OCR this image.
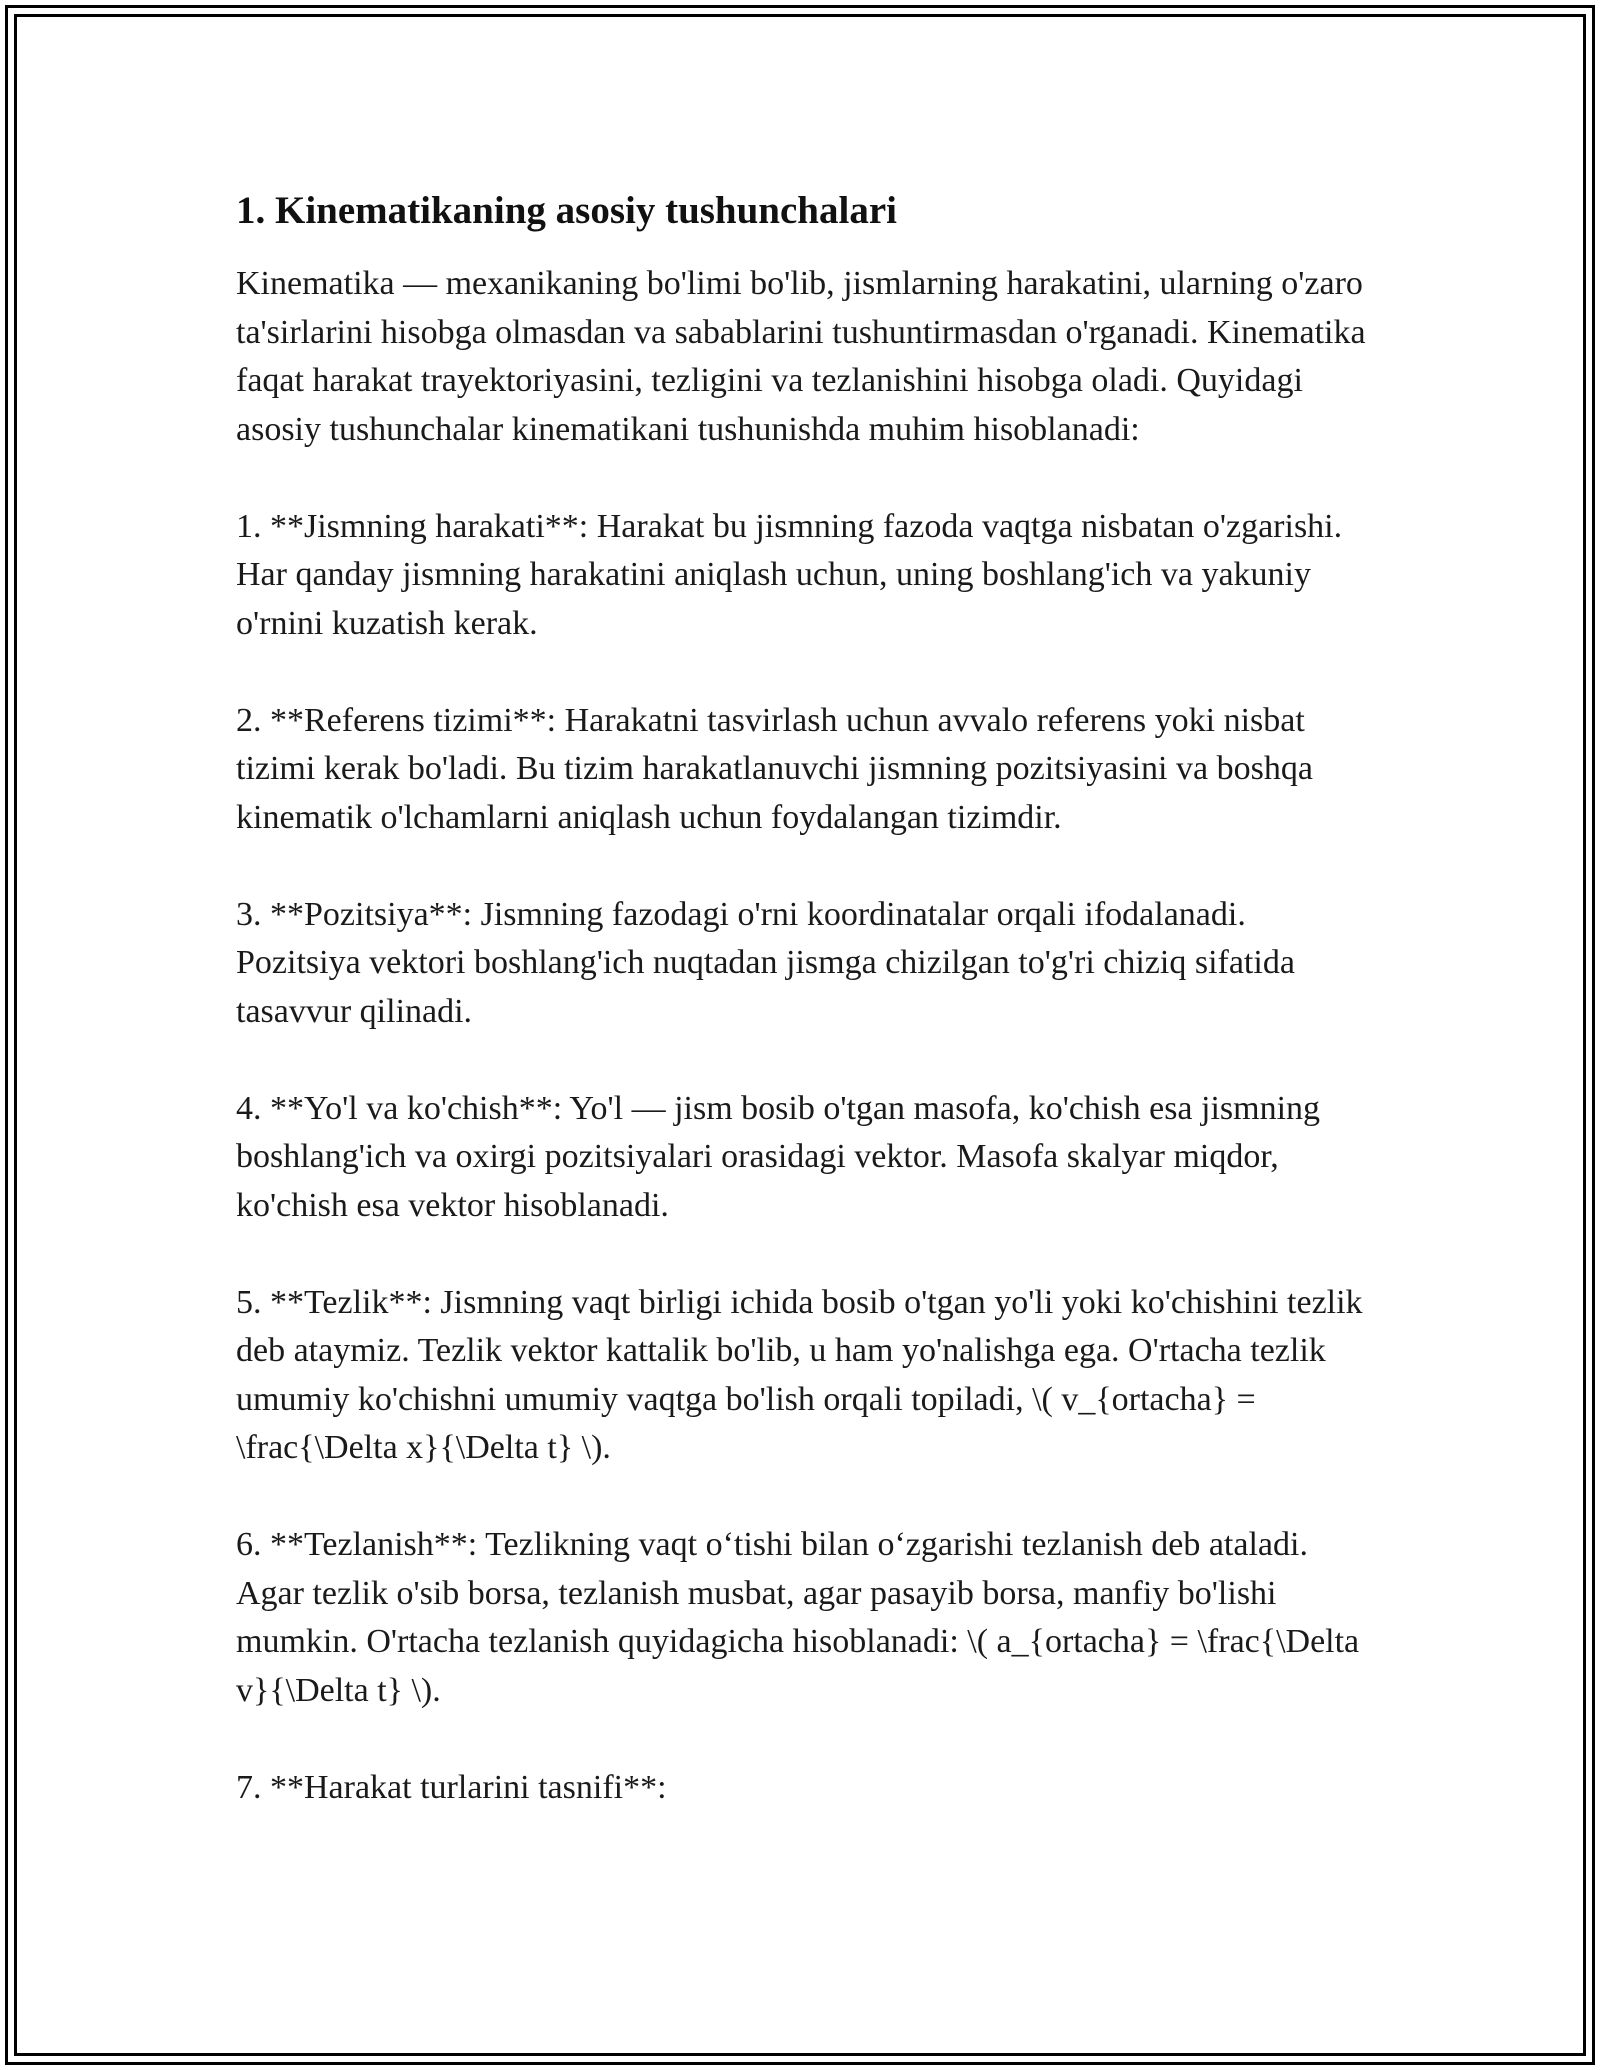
1. Kinematikaning asosiy tushunchalari

Kinematika — mexanikaning bo'limi bo'lib, jismlarning harakatini, ularning o'zaro ta'sirlarini hisobga olmasdan va sabablarini tushuntirmasdan o'rganadi. Kinematika faqat harakat trayektoriyasini, tezligini va tezlanishini hisobga oladi. Quyidagi asosiy tushunchalar kinematikani tushunishda muhim hisoblanadi:

1. **Jismning harakati**: Harakat bu jismning fazoda vaqtga nisbatan o'zgarishi. Har qanday jismning harakatini aniqlash uchun, uning boshlang'ich va yakuniy o'rnini kuzatish kerak.

2. **Referens tizimi**: Harakatni tasvirlash uchun avvalo referens yoki nisbat tizimi kerak bo'ladi. Bu tizim harakatlanuvchi jismning pozitsiyasini va boshqa kinematik o'lchamlarni aniqlash uchun foydalangan tizimdir.

3. **Pozitsiya**: Jismning fazodagi o'rni koordinatalar orqali ifodalanadi. Pozitsiya vektori boshlang'ich nuqtadan jismga chizilgan to'g'ri chiziq sifatida tasavvur qilinadi.

4. **Yo'l va ko'chish**: Yo'l — jism bosib o'tgan masofa, ko'chish esa jismning boshlang'ich va oxirgi pozitsiyalari orasidagi vektor. Masofa skalyar miqdor, ko'chish esa vektor hisoblanadi.

5. **Tezlik**: Jismning vaqt birligi ichida bosib o'tgan yo'li yoki ko'chishini tezlik deb ataymiz. Tezlik vektor kattalik bo'lib, u ham yo'nalishga ega. O'rtacha tezlik umumiy ko'chishni umumiy vaqtga bo'lish orqali topiladi, \( v_{ortacha} = \frac{\Delta x}{\Delta t} \).

6. **Tezlanish**: Tezlikning vaqt o‘tishi bilan o‘zgarishi tezlanish deb ataladi. Agar tezlik o'sib borsa, tezlanish musbat, agar pasayib borsa, manfiy bo'lishi mumkin. O'rtacha tezlanish quyidagicha hisoblanadi: \( a_{ortacha} = \frac{\Delta v}{\Delta t} \).

7. **Harakat turlarini tasnifi**:
